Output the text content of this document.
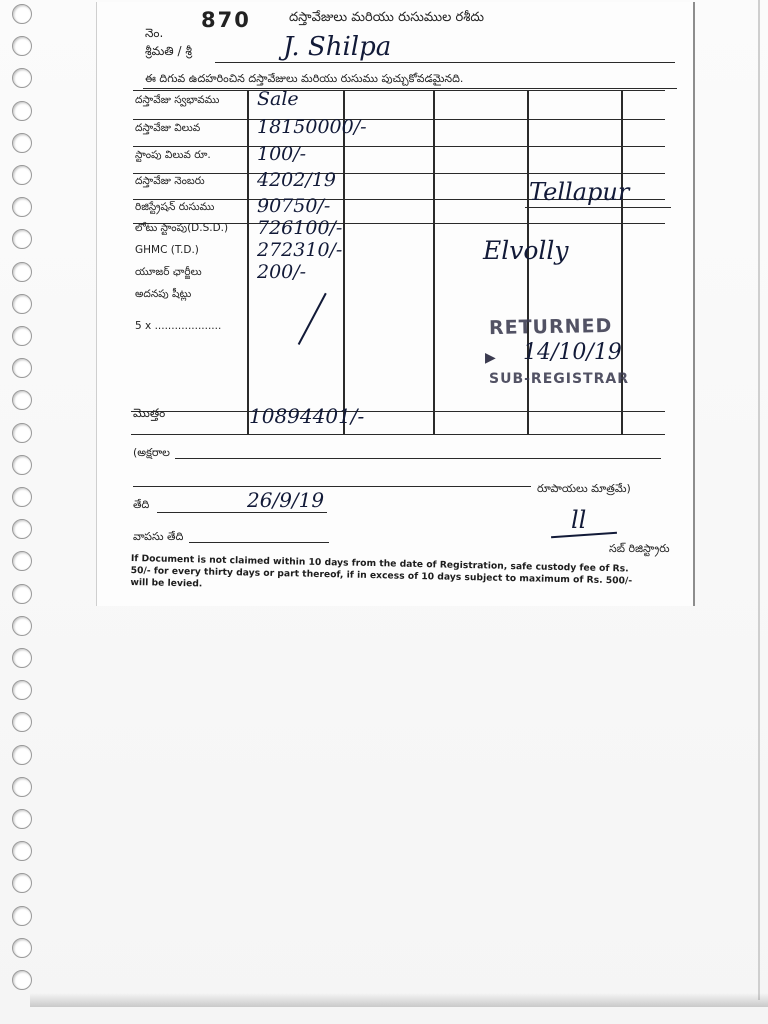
దస్తావేజులు మరియు రుసుముల రశీదు
నెం.
870
శ్రీమతి / శ్రీ	J. Shilpa
ఈ దిగువ ఉదహరించిన దస్తావేజులు మరియు రుసుము పుచ్చుకోవడమైనది.
దస్తావేజు స్వభావము Sale
దస్తావేజు విలువ	18150000/-
స్టాంపు విలువ రూ. 100/-
దస్తావేజు నెంబరు	4202/19
రిజిస్ట్రేషన్ రుసుము 90750/-
లోటు స్టాంపు(D.S.D.) 726100/-
GHMC (T.D.)	272310/-
యూజర్ ఛార్జీలు	200/-
అదనపు షీట్లు
5 x ....................
Tellapur
Elvolly
RETURNED
▶ 14/10/19
SUB-REGISTRAR
మొత్తం	10894401/-
(అక్షరాల
రూపాయలు మాత్రమే)
తేది	26/9/19
వాపసు తేది
ll
సబ్ రిజిస్ట్రారు
If Document is not claimed within 10 days from the date of Registration, safe custody fee of Rs. 50/- for every thirty days or part thereof, if in excess of 10 days subject to maximum of Rs. 500/- will be levied.
